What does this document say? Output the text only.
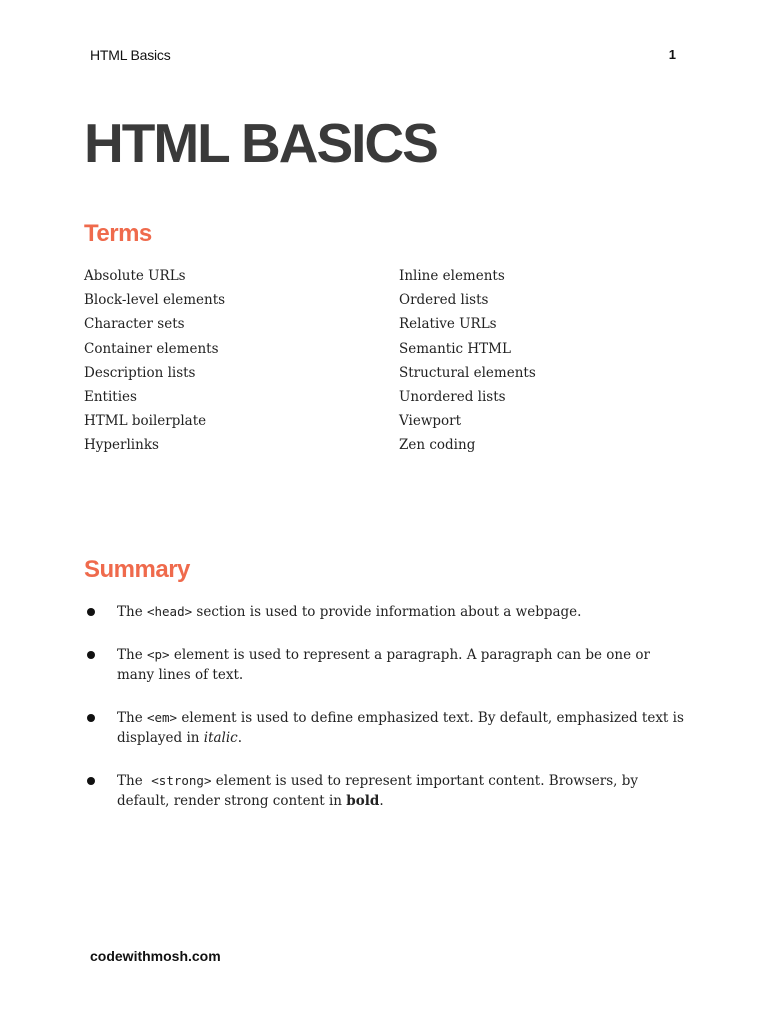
HTML Basics	1
HTML BASICS
Terms
Absolute URLs
Block-level elements
Character sets
Container elements
Description lists
Entities
HTML boilerplate
Hyperlinks
Inline elements
Ordered lists
Relative URLs
Semantic HTML
Structural elements
Unordered lists
Viewport
Zen coding
Summary
The <head> section is used to provide information about a webpage.
The <p> element is used to represent a paragraph. A paragraph can be one or many lines of text.
The <em> element is used to define emphasized text. By default, emphasized text is displayed in italic.
The  <strong> element is used to represent important content. Browsers, by default, render strong content in bold.
codewithmosh.com
